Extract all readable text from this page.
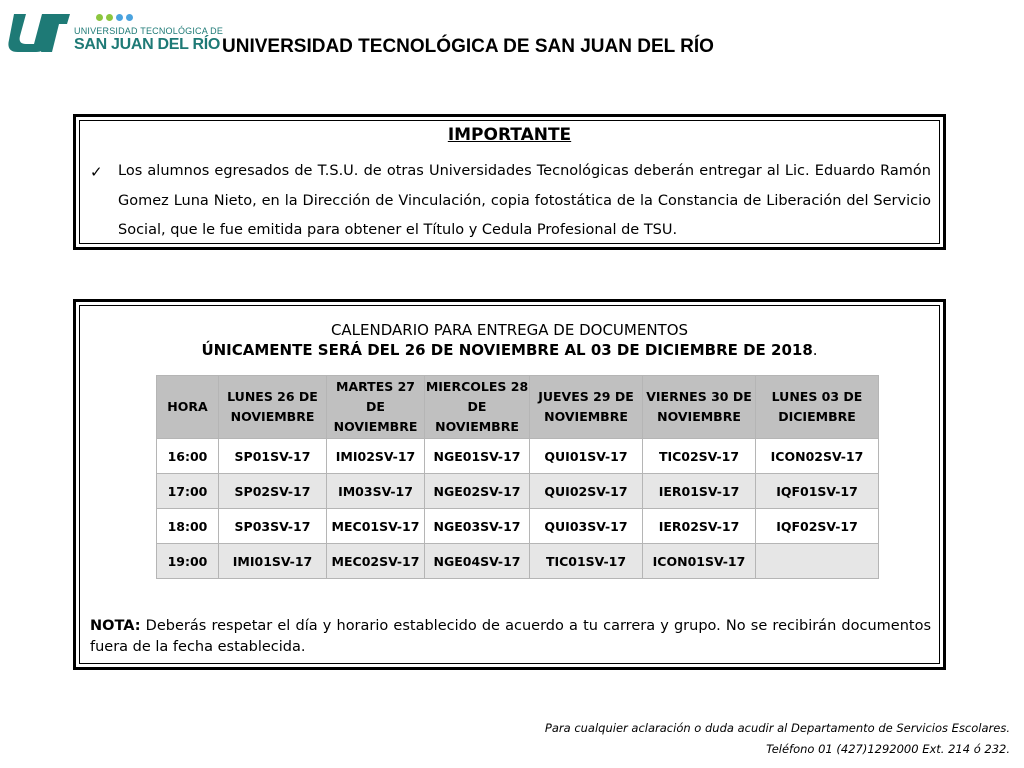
UNIVERSIDAD TECNOLÓGICA DE
SAN JUAN DEL RÍO UNIVERSIDAD TECNOLÓGICA DE SAN JUAN DEL RÍO
IMPORTANTE
✓ Los alumnos egresados de T.S.U. de otras Universidades Tecnológicas deberán entregar al Lic. Eduardo Ramón Gomez Luna Nieto, en la Dirección de Vinculación, copia fotostática de la Constancia de Liberación del Servicio Social, que le fue emitida para obtener el Título y Cedula Profesional de TSU.
CALENDARIO PARA ENTREGA DE DOCUMENTOS
ÚNICAMENTE SERÁ DEL 26 DE NOVIEMBRE AL 03 DE DICIEMBRE DE 2018.
HORA	LUNES 26 DE NOVIEMBRE	MARTES 27 DE NOVIEMBRE	MIERCOLES 28 DE NOVIEMBRE	JUEVES 29 DE NOVIEMBRE	VIERNES 30 DE NOVIEMBRE	LUNES 03 DE DICIEMBRE
16:00	SP01SV-17	IMI02SV-17	NGE01SV-17	QUI01SV-17	TIC02SV-17	ICON02SV-17
17:00	SP02SV-17	IM03SV-17	NGE02SV-17	QUI02SV-17	IER01SV-17	IQF01SV-17
18:00	SP03SV-17	MEC01SV-17	NGE03SV-17	QUI03SV-17	IER02SV-17	IQF02SV-17
19:00	IMI01SV-17	MEC02SV-17	NGE04SV-17	TIC01SV-17	ICON01SV-17	
NOTA: Deberás respetar el día y horario establecido de acuerdo a tu carrera y grupo. No se recibirán documentos fuera de la fecha establecida.
Para cualquier aclaración o duda acudir al Departamento de Servicios Escolares.
Teléfono 01 (427)1292000 Ext. 214 ó 232.
